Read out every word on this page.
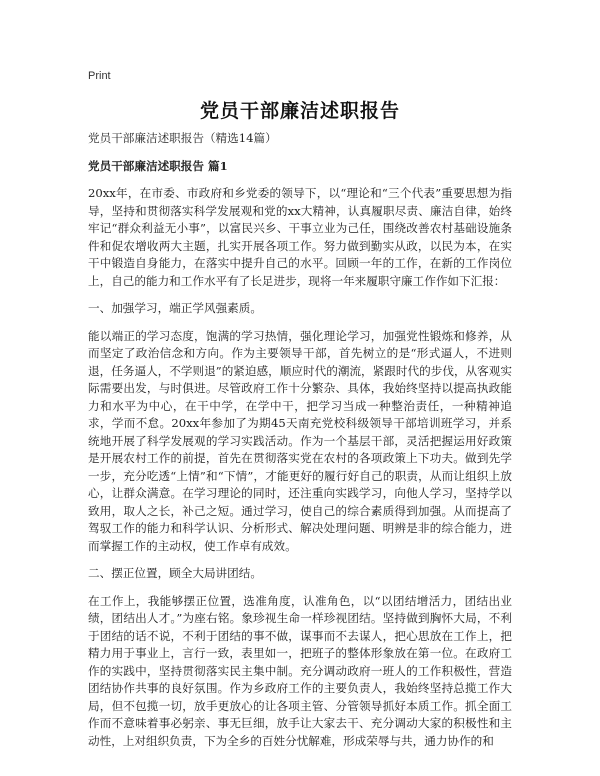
Print
党员干部廉洁述职报告

党员干部廉洁述职报告（精选14篇）

党员干部廉洁述职报告 篇1

20xx年，在市委、市政府和乡党委的领导下，以“理论和“三个代表”重要思想为指导，坚持和贯彻落实科学发展观和党的xx大精神，认真履职尽责、廉洁自律，始终牢记“群众利益无小事”，以富民兴乡、干事立业为己任，围绕改善农村基础设施条件和促农增收两大主题，扎实开展各项工作。努力做到勤实从政，以民为本，在实干中锻造自身能力，在落实中提升自己的水平。回顾一年的工作，在新的工作岗位上，自己的能力和工作水平有了长足进步，现将一年来履职守廉工作作如下汇报：

一、加强学习，端正学风强素质。

能以端正的学习态度，饱满的学习热情，强化理论学习，加强党性锻炼和修养，从而坚定了政治信念和方向。作为主要领导干部，首先树立的是“形式逼人，不进则退，任务逼人，不学则退”的紧迫感，顺应时代的潮流，紧跟时代的步伐，从客观实际需要出发，与时俱进。尽管政府工作十分繁杂、具体，我始终坚持以提高执政能力和水平为中心，在干中学，在学中干，把学习当成一种整治责任，一种精神追求，学而不怠。20xx年参加了为期45天南充党校科级领导干部培训班学习，并系统地开展了科学发展观的学习实践活动。作为一个基层干部，灵活把握运用好政策是开展农村工作的前提，首先在贯彻落实党在农村的各项政策上下功夫。做到先学一步，充分吃透“上情”和“下情”，才能更好的履行好自己的职责，从而让组织上放心，让群众满意。在学习理论的同时，还注重向实践学习，向他人学习，坚持学以致用，取人之长，补己之短。通过学习，使自己的综合素质得到加强。从而提高了驾驭工作的能力和科学认识、分析形式、解决处理问题、明辨是非的综合能力，进而掌握工作的主动权，使工作卓有成效。

二、摆正位置，顾全大局讲团结。

在工作上，我能够摆正位置，选准角度，认准角色，以“以团结增活力，团结出业绩，团结出人才。”为座右铭。象珍视生命一样珍视团结。坚持做到胸怀大局，不利于团结的话不说，不利于团结的事不做，谋事而不去谋人，把心思放在工作上，把精力用于事业上，言行一致，表里如一，把班子的整体形象放在第一位。在政府工作的实践中，坚持贯彻落实民主集中制。充分调动政府一班人的工作积极性，营造团结协作共事的良好氛围。作为乡政府工作的主要负责人，我始终坚持总揽工作大局，但不包揽一切，放手更放心的让各项主管、分管领导抓好本质工作。抓全面工作而不意味着事必躬亲、事无巨细，放手让大家去干、充分调动大家的积极性和主动性，上对组织负责，下为全乡的百姓分忧解难，形成荣辱与共，通力协作的和
